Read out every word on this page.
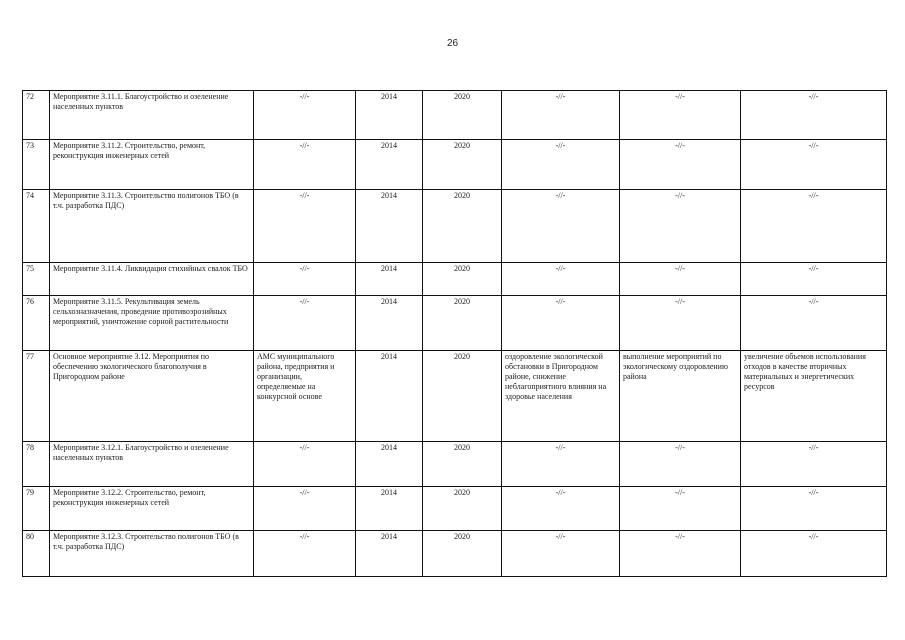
26
72	Мероприятие 3.11.1. Благоустройство и озеленение населенных пунктов	-//-	2014	2020	-//-	-//-	-//-
73	Мероприятие 3.11.2. Строительство, ремонт, реконструкция инженерных сетей	-//-	2014	2020	-//-	-//-	-//-
74	Мероприятие 3.11.3. Строительство полигонов ТБО (в т.ч. разработка ПДС)	-//-	2014	2020	-//-	-//-	-//-
75	Мероприятие 3.11.4. Ликвидация стихийных свалок ТБО	-//-	2014	2020	-//-	-//-	-//-
76	Мероприятие 3.11.5. Рекультивация земель сельхозназначения, проведение противоэрозийных мероприятий, уничтожение сорной растительности	-//-	2014	2020	-//-	-//-	-//-
77	Основное мероприятие 3.12. Мероприятия по обеспечению экологического благополучия в Пригородном районе	АМС муниципального района, предприятия и организации, определяемые на конкурсной основе	2014	2020	оздоровление экологической обстановки в Пригородном районе, снижение неблагоприятного влияния на здоровье населения	выполнение мероприятий по экологическому оздоровлению района	увеличение объемов использования отходов в качестве вторичных материальных и энергетических ресурсов
78	Мероприятие 3.12.1. Благоустройство и озеленение населенных пунктов	-//-	2014	2020	-//-	-//-	-//-
79	Мероприятие 3.12.2. Строительство, ремонт, реконструкция инженерных сетей	-//-	2014	2020	-//-	-//-	-//-
80	Мероприятие 3.12.3. Строительство полигонов ТБО (в т.ч. разработка ПДС)	-//-	2014	2020	-//-	-//-	-//-
